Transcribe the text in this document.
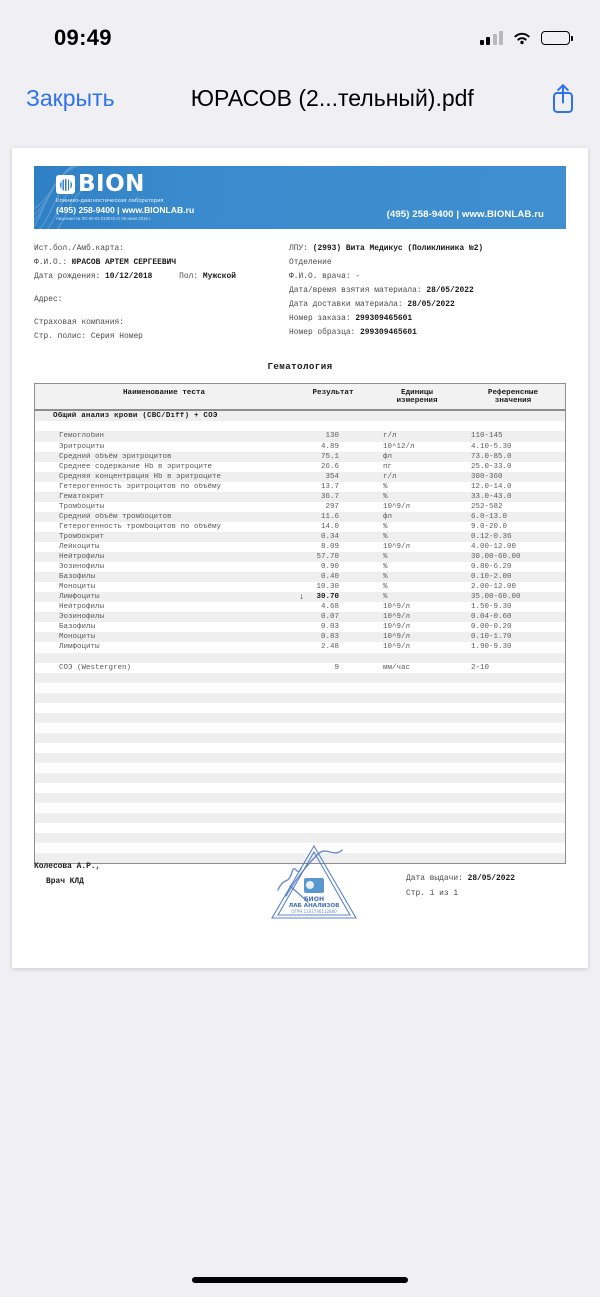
09:49
Закрыть	ЮРАСОВ (2...тельный).pdf
BION
Клинико-диагностическая лаборатория
(495) 258-9400 | www.BIONLAB.ru
Лицензия № ЛО-50-01-010978 от 06 июня 2019 г.	(495) 258-9400 | www.BIONLAB.ru
Ист.бол./Амб.карта:
Ф.И.О.: ЮРАСОВ АРТЕМ СЕРГЕЕВИЧ
Дата рождения: 10/12/2018	Пол: Мужской
Адрес:
Страховая компания:
Стр. полис: Серия Номер
ЛПУ: (2993) Вита Медикус (Поликлиника №2)
Отделение
Ф.И.О. врача: -
Дата/время взятия материала: 28/05/2022
Дата доставки материала: 28/05/2022
Номер заказа: 299309465601
Номер образца: 299309465601
Гематология
Наименование теста	Результат	Единицы
измерения
Референсные
значения
Общий анализ крови (CBC/Diff) + СОЭ
Гемоглобин	130	г/л	110-145
Эритроциты	4.89	10^12/л	4.10-5.30
Средний объём эритроцитов	75.1	фл	73.0-85.0
Среднее содержание Hb в эритроците	26.6	пг	25.0-33.0
Средняя концентрация Hb в эритроците	354	г/л	300-360
Гетерогенность эритроцитов по объёму	13.7	%	12.0-14.0
Гематокрит	36.7	%	33.0-43.0
Тромбоциты	297	10^9/л	252-582
Средний объём тромбоцитов	11.6	фл	6.0-13.0
Гетерогенность тромбоцитов по объёму	14.0	%	9.0-20.0
Тромбокрит	0.34	%	0.12-0.36
Лейкоциты	8.09	10^9/л	4.00-12.00
Нейтрофилы	57.70	%	30.00-60.00
Эозинофилы	0.90	%	0.80-6.20
Базофилы	0.40	%	0.10-2.00
Моноциты	10.30	%	2.00-12.00
Лимфоциты	↓ 30.70	%	35.00-60.00
Нейтрофилы	4.68	10^9/л	1.50-9.30
Эозинофилы	0.07	10^9/л	0.04-0.60
Базофилы	0.03	10^9/л	0.00-0.20
Моноциты	0.83	10^9/л	0.10-1.70
Лимфоциты	2.48	10^9/л	1.90-9.30
СОЭ (Westergren)	9	мм/час	2-10
Колесова А.Р.,
Врач КЛД
БИОН
ЛАБ АНАЛИЗОВ
ОГРН 1187746112880
Дата выдачи: 28/05/2022
Стр. 1 из 1
